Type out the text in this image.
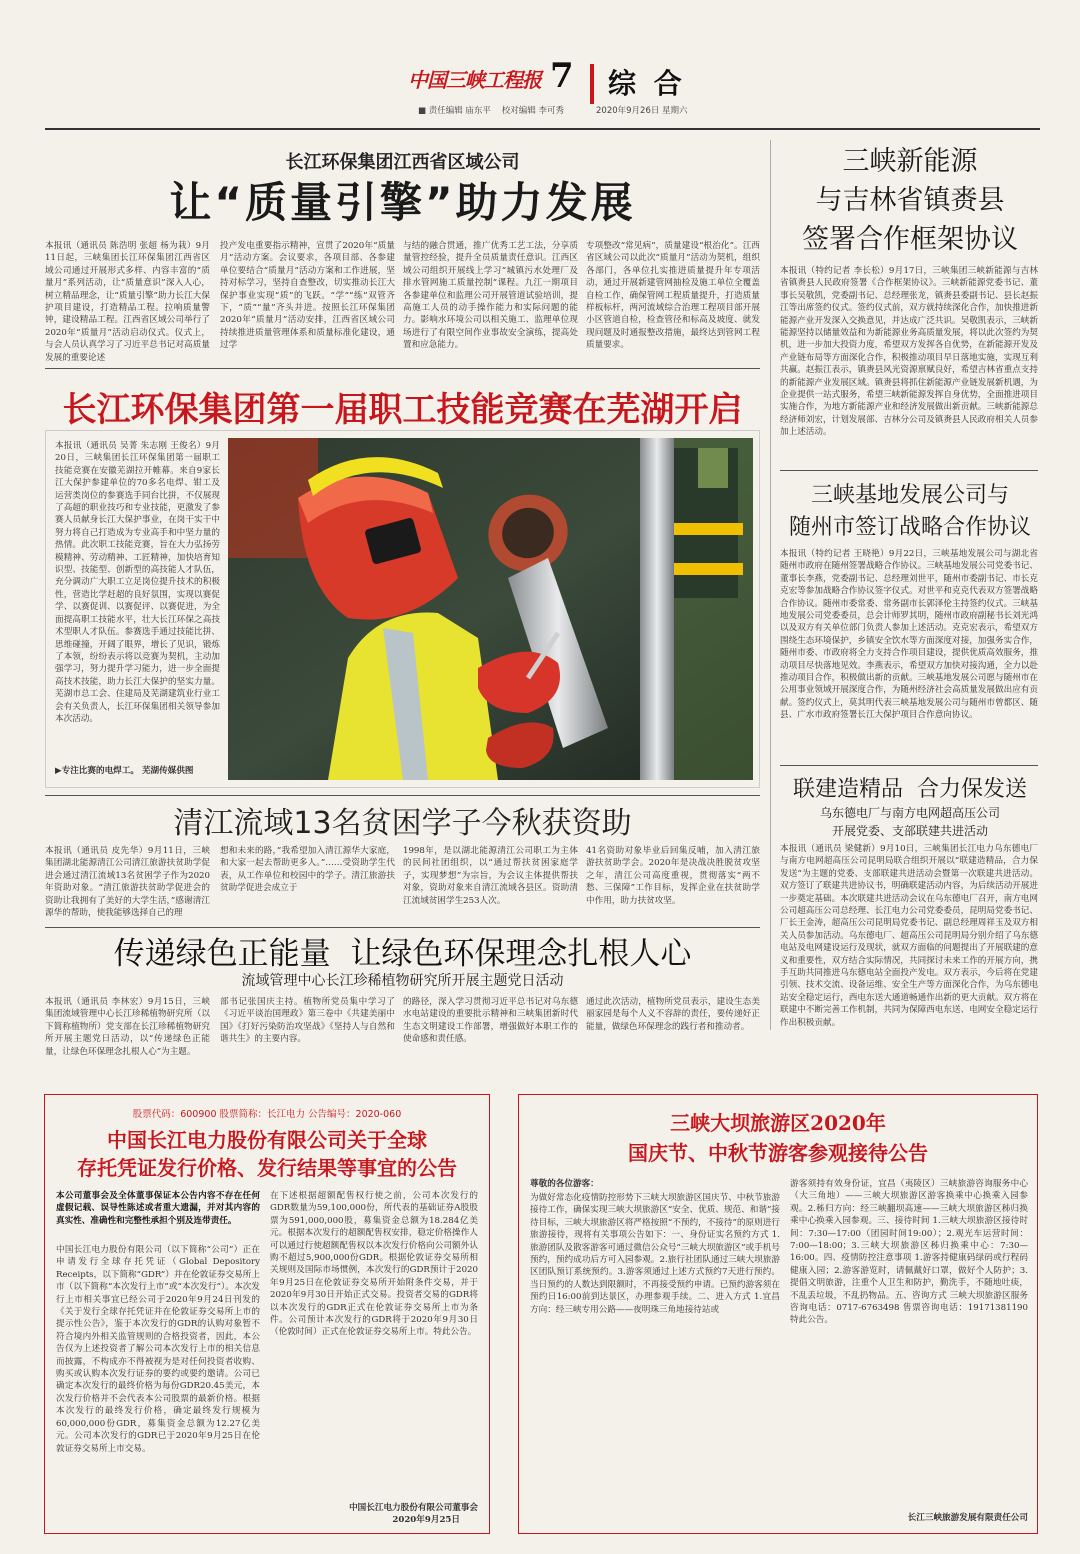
中国三峡工程报 7 综 合
■ 责任编辑 庙东平 校对编辑 李可秀	2020年9月26日 星期六
长江环保集团江西省区域公司
让“质量引擎”助力发展
本报讯（通讯员 陈浩明 张超 杨为栽）9月11日起，三峡集团长江环保集团江西省区域公司通过开展形式多样、内容丰富的“质量月”系列活动，让“质量意识”深入人心，树立精品理念，让“质量引擎”助力长江大保护项目建设，打造精品工程。拉响质量警钟，建设精品工程。江西省区域公司举行了2020年“质量月”活动启动仪式。仪式上，与会人员认真学习了习近平总书记对高质量发展的重要论述
投产发电重要指示精神，宣贯了2020年“质量月”活动方案。会议要求，各项目部、各参建单位要结合“质量月”活动方案和工作进展，坚持对标学习，坚持自查整改，切实推动长江大保护事业实现“质”的飞跃。“学”“练”双管齐下，“质”“量”齐头并进。按照长江环保集团2020年“质量月”活动安排，江西省区域公司持续推进质量管理体系和质量标准化建设，通过学
与结的融合贯通，推广优秀工艺工法，分享质量管控经验，提升全员质量责任意识。江西区域公司组织开展线上学习“城镇污水处理厂及排水管网施工质量控制”课程。九江一期项目各参建单位和监理公司开展管道试验培训，提高施工人员的动手操作能力和实际问题的能力。影响水环境公司以相关施工、监理单位现场进行了有限空间作业事故安全演练，提高处置和应急能力。
专项整改“常见病”，质量建设“根治化”。江西省区域公司以此次“质量月”活动为契机，组织各部门，各单位扎实推进质量提升年专项活动，通过开展新建管网抽检及施工单位全覆盖自检工作，确保管网工程质量提升，打造质量样板标杆，两河流域综合治理工程项目部开展小区管道自检，检查管径和标高及坡度、就发现问题及时通报整改措施，最终达到管网工程质量要求。
三峡新能源
与吉林省镇赉县
签署合作框架协议
本报讯（特约记者 李长松）9月17日，三峡集团三峡新能源与吉林省镇赉县人民政府签署《合作框架协议》。三峡新能源党委书记、董事长吴敬凯，党委副书记、总经理张龙，镇赉县委副书记、县长赵振江等出席签约仪式。签约仪式前，双方就持续深化合作，加快推进新能源产业开发深入交换意见，并达成广泛共识。吴敬凯表示，三峡新能源坚持以储量效益和为新能源业务高质量发展，将以此次签约为契机，进一步加大投资力度，希望双方发挥各自优势，在新能源开发及产业链布局等方面深化合作，积极推动项目早日落地实施，实现互利共赢。赵振江表示，镇赉县风光资源禀赋良好，希望吉林省重点支持的新能源产业发展区域。镇赉县将抓住新能源产业链发展新机遇，为企业提供一站式服务，希望三峡新能源发挥自身优势，全面推进项目实施合作，为地方新能源产业和经济发展做出新贡献。三峡新能源总经济师刘宏，计划发展部、吉林分公司及镇赉县人民政府相关人员参加上述活动。
长江环保集团第一届职工技能竞赛在芜湖开启
本报讯（通讯员 吴菁 朱志刚 王俊名）9月20日，三峡集团长江环保集团第一届职工技能竞赛在安徽芜湖拉开帷幕。来自9家长江大保护参建单位的70多名电焊、钳工及运营类岗位的参赛选手同台比拼，不仅展现了高超的职业技巧和专业技能，更激发了参赛人员献身长江大保护事业，在岗干实干中努力将自己打造成为专业高手和中坚力量的热情。此次职工技能竞赛，旨在大力弘扬劳模精神、劳动精神、工匠精神，加快培育知识型、技能型、创新型的高技能人才队伍，充分调动广大职工立足岗位提升技术的积极性，营造比学赶超的良好氛围，实现以赛促学、以赛促训、以赛促评、以赛促进，为全面提高职工技能水平，壮大长江环保之高技术型职人才队伍。参赛选手通过技能比拼、思维碰撞，开阔了眼界，增长了见识，锻炼了本领，纷纷表示将以竞赛为契机，主动加强学习，努力提升学习能力，进一步全面提高技术技能，助力长江大保护的坚实力量。芜湖市总工会、住建局及芜湖建筑业行业工会有关负责人，长江环保集团相关领导参加本次活动。
▶专注比赛的电焊工。 芜湖传媒供图
三峡基地发展公司与
随州市签订战略合作协议
本报讯（特约记者 王晓艳）9月22日，三峡基地发展公司与湖北省随州市政府在随州签署战略合作协议。三峡基地发展公司党委书记、董事长李燕，党委副书记、总经理刘世平，随州市委副书记、市长克克宏等参加战略合作协议签字仪式。对世平和克克代表双方签署战略合作协议。随州市委常委、常务副市长郭泽伦主持签约仪式。三峡基地发展公司党委委员，总会计师罗其明，随州市政府副秘书长刘光鸿以及双方有关单位部门负责人参加上述活动。克克宏表示，希望双方围绕生态环境保护，乡镇安全饮水等方面深度对接，加强务实合作，随州市委、市政府将全力支持合作项目建设，提供优质高效服务，推动项目尽快落地见效。李燕表示，希望双方加快对接沟通，全力以赴推动项目合作，积极做出新的贡献。三峡基地发展公司愿与随州市在公用事业领域开展深度合作，为随州经济社会高质量发展做出应有贡献。签约仪式上，莫其明代表三峡基地发展公司与随州市曾都区、随县、广水市政府签署长江大保护项目合作意向协议。
联建造精品  合力保发送
乌东德电厂与南方电网超高压公司
开展党委、支部联建共进活动
本报讯（通讯员 梁健新）9月10日，三峡集团长江电力乌东德电厂与南方电网超高压公司昆明局联合组织开展以“联建造精品，合力保发送”为主题的党委、支部联建共进活动会暨第一次联建共进活动。双方签订了联建共进协议书，明确联建活动内容，为后续活动开展进一步奠定基础。本次联建共进活动会议在乌东德电厂召开，南方电网公司超高压公司总经理、长江电力公司党委委员，昆明局党委书记、厂长王金涛，超高压公司昆明局党委书记、副总经理周祥玉及双方相关人员参加活动。乌东德电厂、超高压公司昆明局分别介绍了乌东德电站及电网建设运行及现状，就双方面临的问题提出了开展联建的意义和重要性，双方结合实际情况，共同探讨未来工作的开展方向，携手互助共同推进乌东德电站全面投产发电。双方表示，今后将在党建引领、技术交流、设备运维、安全生产等方面深化合作，为乌东德电站安全稳定运行，西电东送大通道畅通作出新的更大贡献。双方将在联建中不断完善工作机制，共同为保障西电东送、电网安全稳定运行作出积极贡献。
清江流域13名贫困学子今秋获资助
本报讯（通讯员 皮先华）9月11日，三峡集团湖北能源清江公司清江旅游扶贫助学促进会通过清江流域13名贫困学子作为2020年资助对象。“清江旅游扶贫助学促进会的资助让我拥有了美好的大学生活，”感谢清江源华的帮助，使我能够选择自己的理
想和未来的路，”我希望加入清江源华大家庭，和大家一起去帮助更多人。”……受资助学生代表，从工作单位和校园中的学子。清江旅游扶贫助学促进会成立于
1998年，是以湖北能源清江公司职工为主体的民间社团组织，以“通过帮扶贫困家庭学子，实现梦想”为宗旨，为会议主体提供帮扶对象，资助对象来自清江流域各县区。资助清江流域贫困学生253人次。
41名资助对象毕业后回集反哺，加入清江旅游扶贫助学会。2020年是决战决胜脱贫攻坚之年，清江公司高度重视，贯彻落实“两不愁、三保障”工作目标，发挥企业在扶贫助学中作用，助力扶贫攻坚。
传递绿色正能量  让绿色环保理念扎根人心
流域管理中心长江珍稀植物研究所开展主题党日活动
本报讯（通讯员 李林宏）9月15日，三峡集团流域管理中心长江珍稀植物研究所（以下简称植物所）党支部在长江珍稀植物研究所开展主题党日活动，以“传递绿色正能量，让绿色环保理念扎根人心”为主题。
部书记张国庆主持。植物所党员集中学习了《习近平谈治国理政》第三卷中《共建美丽中国》《打好污染防治攻坚战》《坚持人与自然和谐共生》的主要内容。
的路径，深入学习贯彻习近平总书记对乌东德水电站建设的重要批示精神和三峡集团新时代生态文明建设工作部署，增强做好本职工作的使命感和责任感。
通过此次活动，植物所党员表示，建设生态美丽家园是每个人义不容辞的责任，要传递好正能量，做绿色环保理念的践行者和推动者。
股票代码：600900 股票简称：长江电力 公告编号：2020-060
中国长江电力股份有限公司关于全球
存托凭证发行价格、发行结果等事宜的公告
本公司董事会及全体董事保证本公告内容不存在任何虚假记载、误导性陈述或者重大遗漏，并对其内容的真实性、准确性和完整性承担个别及连带责任。
中国长江电力股份有限公司（以下简称“公司”）正在申请发行全球存托凭证（Global Depository Receipts，以下简称“GDR”）并在伦敦证券交易所上市（以下简称“本次发行上市”或“本次发行”）。本次发行上市相关事宜已经公司于2020年9月24日刊发的《关于发行全球存托凭证并在伦敦证券交易所上市的提示性公告》，鉴于本次发行的GDR的认购对象暂不符合境内外相关监管规则的合格投资者，因此，本公告仅为上述投资者了解公司本次发行上市的相关信息而披露，不构成亦不得被视为是对任何投资者收购、购买或认购本次发行证券的要约或要约邀请。公司已确定本次发行的最终价格为每份GDR20.45美元，本次发行价格并不会代表本公司股票的最新价格。根据本次发行的最终发行价格，确定最终发行规模为60,000,000份GDR，募集资金总额为12.27亿美元。公司本次发行的GDR已于2020年9月25日在伦敦证券交易所上市交易。
在下述根据超额配售权行使之前，公司本次发行的GDR数量为59,100,000份，所代表的基础证券A股股票为591,000,000股，募集资金总额为18.284亿美元。根据本次发行的超额配售权安排，稳定价格操作人可以通过行使超额配售权以本次发行价格向公司额外认购不超过5,900,000份GDR。根据伦敦证券交易所相关规则及国际市场惯例，本次发行的GDR预计于2020年9月25日在伦敦证券交易所开始附条件交易，并于2020年9月30日开始正式交易。投资者交易的GDR将以本次发行的GDR正式在伦敦证券交易所上市为条件。公司预计本次发行的GDR将于2020年9月30日（伦敦时间）正式在伦敦证券交易所上市。特此公告。
中国长江电力股份有限公司董事会
2020年9月25日
三峡大坝旅游区2020年
国庆节、中秋节游客参观接待公告
尊敬的各位游客：
为做好常态化疫情防控形势下三峡大坝旅游区国庆节、中秋节旅游接待工作，确保实现三峡大坝旅游区“安全、优质、规范、和谐”接待目标，三峡大坝旅游区将严格按照“不预约，不接待”的原则进行旅游接待，现将有关事项公告如下：一、身份证实名预约方式 1.旅游团队及散客游客可通过微信公众号“三峡大坝旅游区”或手机号预约，预约成功后方可入园参观。2.旅行社团队通过三峡大坝旅游区团队预订系统预约。3.游客须通过上述方式预约7天进行预约。当日预约的人数达到限额时，不再接受预约申请。已预约游客须在预约日16:00前到达景区，办理参观手续。二、进入方式 1.宜昌方向：经三峡专用公路——夜明珠三角地接待站或
游客须持有效身份证，宜昌（夷陵区）三峡旅游咨询服务中心（大三角地）——三峡大坝旅游区游客换乘中心换乘入园参观。2.秭归方向：经三峡翻坝高速——三峡大坝旅游区秭归换乘中心换乘入园参观。三、接待时间 1.三峡大坝旅游区接待时间：7:30—17:00（团园时间19:00）；2.观光车运营时间：7:00—18:00；3.三峡大坝旅游区秭归换乘中心：7:30—16:00。四、疫情防控注意事项 1.游客持健康码绿码或行程码健康入园；2.游客游览时，请佩戴好口罩，做好个人防护；3.提倡文明旅游，注重个人卫生和防护，勤洗手，不随地吐痰，不乱丢垃圾，不乱扔物品。五、咨询方式 三峡大坝旅游区服务咨询电话：0717-6763498 售票咨询电话：19171381190 特此公告。
长江三峡旅游发展有限责任公司
